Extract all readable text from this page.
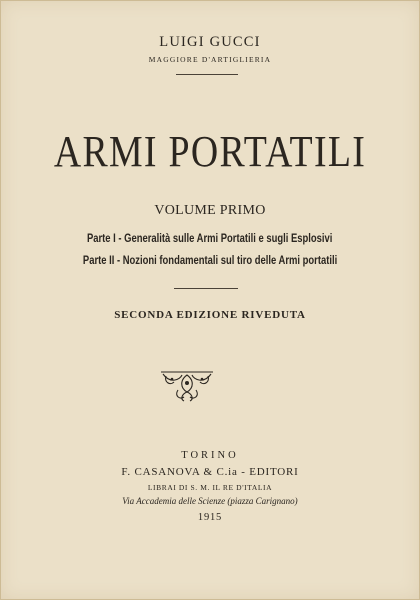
LUIGI GUCCI
MAGGIORE D'ARTIGLIERIA
ARMI PORTATILI
VOLUME PRIMO
Parte I - Generalità sulle Armi Portatili e sugli Esplosivi
Parte II - Nozioni fondamentali sul tiro delle Armi portatili
SECONDA EDIZIONE RIVEDUTA
TORINO
F. CASANOVA & C.ia - EDITORI
LIBRAI DI S. M. IL RE D'ITALIA
Via Accademia delle Scienze (piazza Carignano)
1915
